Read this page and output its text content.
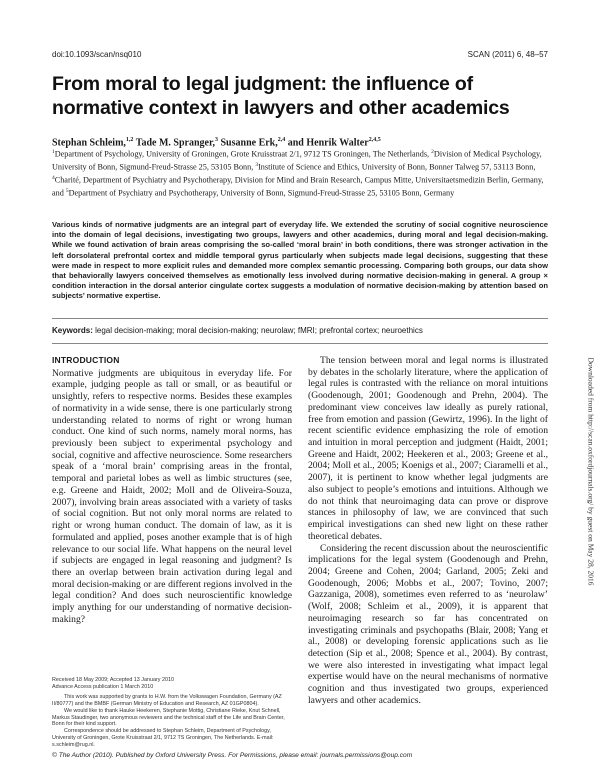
doi:10.1093/scan/nsq010	SCAN (2011) 6, 48–57
From moral to legal judgment: the influence of normative context in lawyers and other academics
Stephan Schleim,$^{1,2}$ Tade M. Spranger,$^3$ Susanne Erk,$^{2,4}$ and Henrik Walter$^{2,4,5}$
$^1$Department of Psychology, University of Groningen, Grote Kruisstraat 2/1, 9712 TS Groningen, The Netherlands, $^2$Division of Medical Psychology, University of Bonn, Sigmund-Freud-Strasse 25, 53105 Bonn, $^3$Institute of Science and Ethics, University of Bonn, Bonner Talweg 57, 53113 Bonn, $^4$Charité, Department of Psychiatry and Psychotherapy, Division for Mind and Brain Research, Campus Mitte, Universitaetsmedizin Berlin, Germany, and $^5$Department of Psychiatry and Psychotherapy, University of Bonn, Sigmund-Freud-Strasse 25, 53105 Bonn, Germany
Various kinds of normative judgments are an integral part of everyday life. We extended the scrutiny of social cognitive neuroscience into the domain of legal decisions, investigating two groups, lawyers and other academics, during moral and legal decision-making. While we found activation of brain areas comprising the so-called ‘moral brain’ in both conditions, there was stronger activation in the left dorsolateral prefrontal cortex and middle temporal gyrus particularly when subjects made legal decisions, suggesting that these were made in respect to more explicit rules and demanded more complex semantic processing. Comparing both groups, our data show that behaviorally lawyers conceived themselves as emotionally less involved during normative decision-making in general. A group × condition interaction in the dorsal anterior cingulate cortex suggests a modulation of normative decision-making by attention based on subjects’ normative expertise.
Keywords: legal decision-making; moral decision-making; neurolaw; fMRI; prefrontal cortex; neuroethics
Downloaded from http://scan.oxfordjournals.org/ by guest on May 28, 2016
INTRODUCTION

Normative judgments are ubiquitous in everyday life. For example, judging people as tall or small, or as beautiful or unsightly, refers to respective norms. Besides these examples of normativity in a wide sense, there is one particularly strong understanding related to norms of right or wrong human conduct. One kind of such norms, namely moral norms, has previously been subject to experimental psychology and social, cognitive and affective neuroscience. Some researchers speak of a ‘moral brain’ comprising areas in the frontal, temporal and parietal lobes as well as limbic structures (see, e.g. Greene and Haidt, 2002; Moll and de Oliveira-Souza, 2007), involving brain areas associated with a variety of tasks of social cognition. But not only moral norms are related to right or wrong human conduct. The domain of law, as it is formulated and applied, poses another example that is of high relevance to our social life. What happens on the neural level if subjects are engaged in legal reasoning and judgment? Is there an overlap between brain activation during legal and moral decision-making or are different regions involved in the legal condition? And does such neuroscientific knowledge imply anything for our understanding of normative decision-making?

The tension between moral and legal norms is illustrated by debates in the scholarly literature, where the application of legal rules is contrasted with the reliance on moral intuitions (Goodenough, 2001; Goodenough and Prehn, 2004). The predominant view conceives law ideally as purely rational, free from emotion and passion (Gewirtz, 1996). In the light of recent scientific evidence emphasizing the role of emotion and intuition in moral perception and judgment (Haidt, 2001; Greene and Haidt, 2002; Heekeren et al., 2003; Greene et al., 2004; Moll et al., 2005; Koenigs et al., 2007; Ciaramelli et al., 2007), it is pertinent to know whether legal judgments are also subject to people’s emotions and intuitions. Although we do not think that neuroimaging data can prove or disprove stances in philosophy of law, we are convinced that such empirical investigations can shed new light on these rather theoretical debates.

Considering the recent discussion about the neuroscientific implications for the legal system (Goodenough and Prehn, 2004; Greene and Cohen, 2004; Garland, 2005; Zeki and Goodenough, 2006; Mobbs et al., 2007; Tovino, 2007; Gazzaniga, 2008), sometimes even referred to as ‘neurolaw’ (Wolf, 2008; Schleim et al., 2009), it is apparent that neuroimaging research so far has concentrated on investigating criminals and psychopaths (Blair, 2008; Yang et al., 2008) or developing forensic applications such as lie detection (Sip et al., 2008; Spence et al., 2004). By contrast, we were also interested in investigating what impact legal expertise would have on the neural mechanisms of normative cognition and thus investigated two groups, experienced lawyers and other academics.

Received 18 May 2009; Accepted 13 January 2010

Advance Access publication 1 March 2010

This work was supported by grants to H.W. from the Volkswagen Foundation, Germany (AZ II/80777) and the BMBF (German Ministry of Education and Research, AZ 01GP0804).

We would like to thank Hauke Heekeren, Stephanie Mottig, Christiane Rieke, Knut Schnell, Markus Staudinger, two anonymous reviewers and the technical staff of the Life and Brain Center, Bonn for their kind support.

Correspondence should be addressed to Stephan Schleim, Department of Psychology, University of Groningen, Grote Kruisstraat 2/1, 9712 TS Groningen, The Netherlands. E-mail: s.schleim@rug.nl.

© The Author (2010). Published by Oxford University Press. For Permissions, please email: journals.permissions@oup.com
